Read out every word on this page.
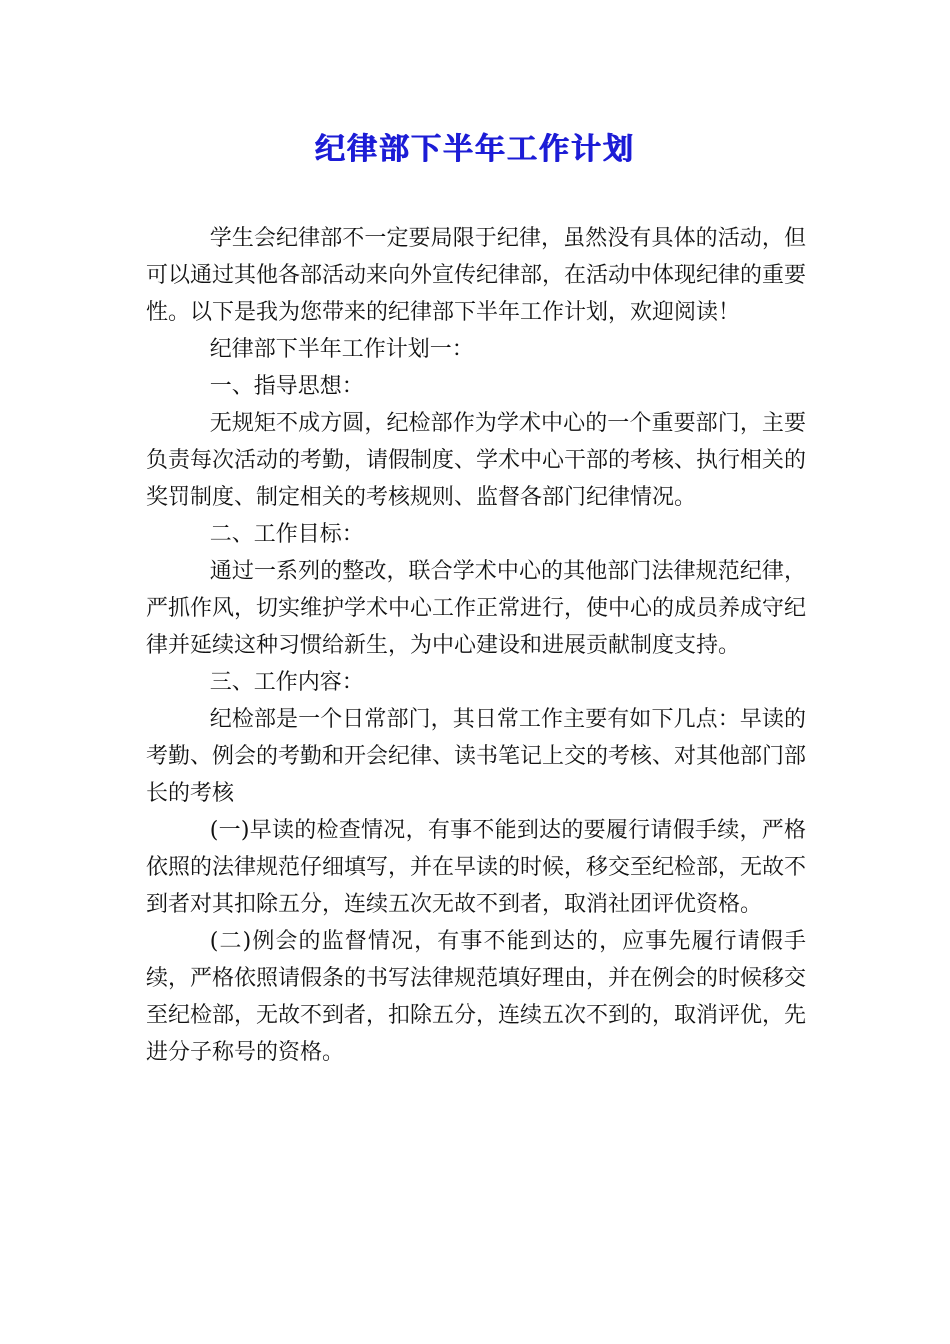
纪律部下半年工作计划

学生会纪律部不一定要局限于纪律，虽然没有具体的活动，但可以通过其他各部活动来向外宣传纪律部，在活动中体现纪律的重要性。以下是我为您带来的纪律部下半年工作计划，欢迎阅读！

纪律部下半年工作计划一：

一、指导思想：

无规矩不成方圆，纪检部作为学术中心的一个重要部门，主要负责每次活动的考勤，请假制度、学术中心干部的考核、执行相关的奖罚制度、制定相关的考核规则、监督各部门纪律情况。

二、工作目标：

通过一系列的整改，联合学术中心的其他部门法律规范纪律，严抓作风，切实维护学术中心工作正常进行，使中心的成员养成守纪律并延续这种习惯给新生，为中心建设和进展贡献制度支持。

三、工作内容：

纪检部是一个日常部门，其日常工作主要有如下几点：早读的考勤、例会的考勤和开会纪律、读书笔记上交的考核、对其他部门部长的考核

(一)早读的检查情况，有事不能到达的要履行请假手续，严格依照的法律规范仔细填写，并在早读的时候，移交至纪检部，无故不到者对其扣除五分，连续五次无故不到者，取消社团评优资格。

(二)例会的监督情况，有事不能到达的，应事先履行请假手续，严格依照请假条的书写法律规范填好理由，并在例会的时候移交至纪检部，无故不到者，扣除五分，连续五次不到的，取消评优，先进分子称号的资格。
